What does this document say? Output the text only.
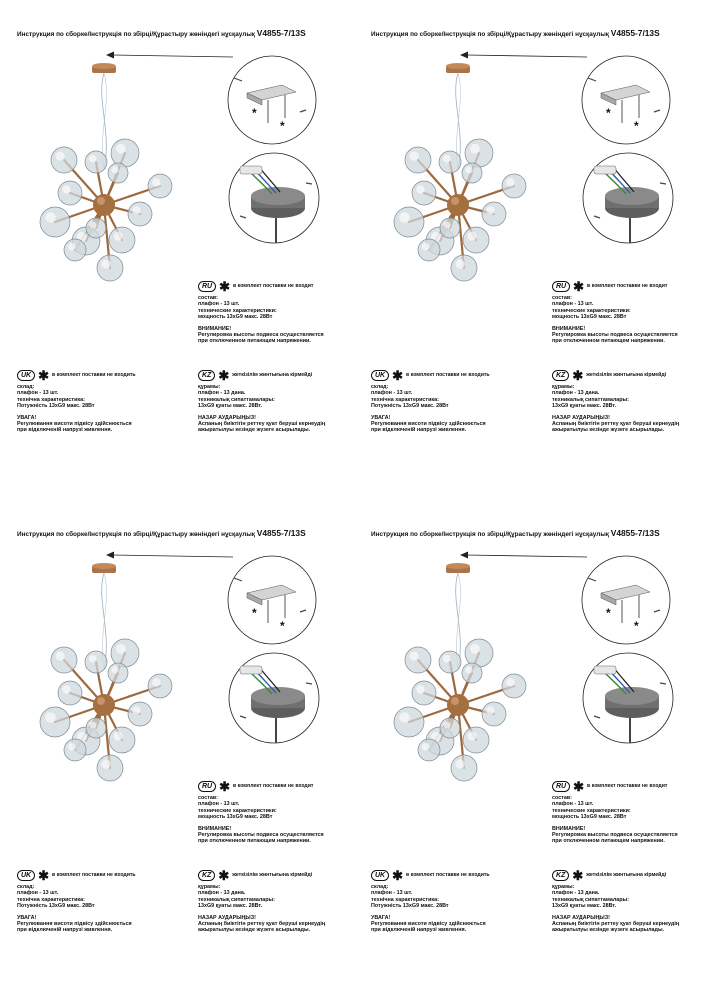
Инструкция по сборке/Інструкція по збірці/Құрастыру жөніндегі нұсқаулық V4855-7/13S
*
*
RU ✱ в комплект поставки не входит
состав:
плафон - 13 шт.
технические характеристики:
мощность 13xG9 макс. 28Вт
ВНИМАНИЕ!
Регулировка высоты подвеса осуществляется
при отключенном питающем напряжении.
UK ✱ в комплект поставки не входить
склад:
плафон - 13 шт.
технічна характеристика:
Потужність 13xG9 макс. 28Вт
УВАГА!
Регулювання висоти підвісу здійснюється
при відключеній напрузі живлення.
KZ ✱ жеткізілім жинтығына кірмейді
құрамы:
плафон - 13 дана.
техникалық сипаттамалары:
13xG9 қуаты макс. 28Вт.
НАЗАР АУДАРЫҢЫЗ!
Аспаның биіктігін реттеу қуат беруші кернеудің
ажыратылуы кезінде жүзеге асырылады.
Инструкция по сборке/Інструкція по збірці/Құрастыру жөніндегі нұсқаулық V4855-7/13S
*
*
RU ✱ в комплект поставки не входит
состав:
плафон - 13 шт.
технические характеристики:
мощность 13xG9 макс. 28Вт
ВНИМАНИЕ!
Регулировка высоты подвеса осуществляется
при отключенном питающем напряжении.
UK ✱ в комплект поставки не входить
склад:
плафон - 13 шт.
технічна характеристика:
Потужність 13xG9 макс. 28Вт
УВАГА!
Регулювання висоти підвісу здійснюється
при відключеній напрузі живлення.
KZ ✱ жеткізілім жинтығына кірмейді
құрамы:
плафон - 13 дана.
техникалық сипаттамалары:
13xG9 қуаты макс. 28Вт.
НАЗАР АУДАРЫҢЫЗ!
Аспаның биіктігін реттеу қуат беруші кернеудің
ажыратылуы кезінде жүзеге асырылады.
Инструкция по сборке/Інструкція по збірці/Құрастыру жөніндегі нұсқаулық V4855-7/13S
*
*
RU ✱ в комплект поставки не входит
состав:
плафон - 13 шт.
технические характеристики:
мощность 13xG9 макс. 28Вт
ВНИМАНИЕ!
Регулировка высоты подвеса осуществляется
при отключенном питающем напряжении.
UK ✱ в комплект поставки не входить
склад:
плафон - 13 шт.
технічна характеристика:
Потужність 13xG9 макс. 28Вт
УВАГА!
Регулювання висоти підвісу здійснюється
при відключеній напрузі живлення.
KZ ✱ жеткізілім жинтығына кірмейді
құрамы:
плафон - 13 дана.
техникалық сипаттамалары:
13xG9 қуаты макс. 28Вт.
НАЗАР АУДАРЫҢЫЗ!
Аспаның биіктігін реттеу қуат беруші кернеудің
ажыратылуы кезінде жүзеге асырылады.
Инструкция по сборке/Інструкція по збірці/Құрастыру жөніндегі нұсқаулық V4855-7/13S
*
*
RU ✱ в комплект поставки не входит
состав:
плафон - 13 шт.
технические характеристики:
мощность 13xG9 макс. 28Вт
ВНИМАНИЕ!
Регулировка высоты подвеса осуществляется
при отключенном питающем напряжении.
UK ✱ в комплект поставки не входить
склад:
плафон - 13 шт.
технічна характеристика:
Потужність 13xG9 макс. 28Вт
УВАГА!
Регулювання висоти підвісу здійснюється
при відключеній напрузі живлення.
KZ ✱ жеткізілім жинтығына кірмейді
құрамы:
плафон - 13 дана.
техникалық сипаттамалары:
13xG9 қуаты макс. 28Вт.
НАЗАР АУДАРЫҢЫЗ!
Аспаның биіктігін реттеу қуат беруші кернеудің
ажыратылуы кезінде жүзеге асырылады.
